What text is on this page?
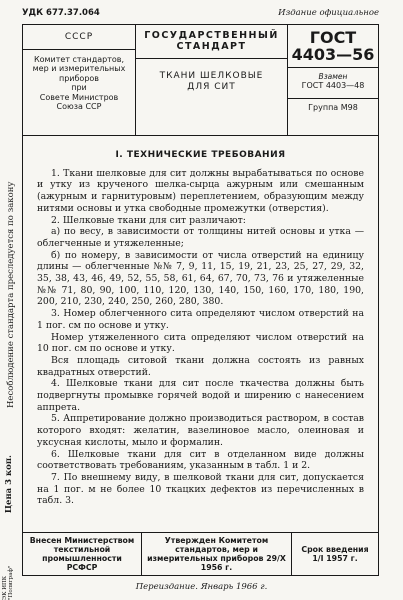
Несоблюдение стандарта преследуется по закону
Цена 3 коп.
ЭК ИПК "Полиграф"
УДК 677.37.064	Издание официальное
СССР
Комитет стандартов,
мер и измерительных
приборов
при
Совете Министров
Союза ССР
ГОСУДАРСТВЕННЫЙ
СТАНДАРТ
ТКАНИ ШЕЛКОВЫЕ
ДЛЯ СИТ
ГОСТ
4403—56
Взамен
ГОСТ 4403—48
Группа М98
I. ТЕХНИЧЕСКИЕ ТРЕБОВАНИЯ

1. Ткани шелковые для сит должны вырабатываться по основе и утку из крученого шелка-сырца ажурным или смешанным (ажурным и гарнитуровым) переплетением, образующим между нитями основы и утка свободные промежутки (отверстия).

2. Шелковые ткани для сит различают:

а) по весу, в зависимости от толщины нитей основы и утка — облегченные и утяжеленные;

б) по номеру, в зависимости от числа отверстий на единицу длины — облегченные №№ 7, 9, 11, 15, 19, 21, 23, 25, 27, 29, 32, 35, 38, 43, 46, 49, 52, 55, 58, 61, 64, 67, 70, 73, 76 и утяжеленные №№ 71, 80, 90, 100, 110, 120, 130, 140, 150, 160, 170, 180, 190, 200, 210, 230, 240, 250, 260, 280, 380.

3. Номер облегченного сита определяют числом отверстий на 1 пог. см по основе и утку.

Номер утяжеленного сита определяют числом отверстий на 10 пог. см по основе и утку.

Вся площадь ситовой ткани должна состоять из равных квадратных отверстий.

4. Шелковые ткани для сит после ткачества должны быть подвергнуты промывке горячей водой и ширению с нанесением аппрета.

5. Аппретирование должно производиться раствором, в состав которого входят: желатин, вазелиновое масло, олеиновая и уксусная кислоты, мыло и формалин.

6. Шелковые ткани для сит в отделанном виде должны соответствовать требованиям, указанным в табл. 1 и 2.

7. По внешнему виду, в шелковой ткани для сит, допускается на 1 пог. м не более 10 ткацких дефектов из перечисленных в табл. 3.

Внесен Министерством текстильной промышленности РСФСР
Утвержден Комитетом стандартов, мер и измерительных приборов 29/X 1956 г.
Срок введения 1/I 1957 г.
Переиздание. Январь 1966 г.
